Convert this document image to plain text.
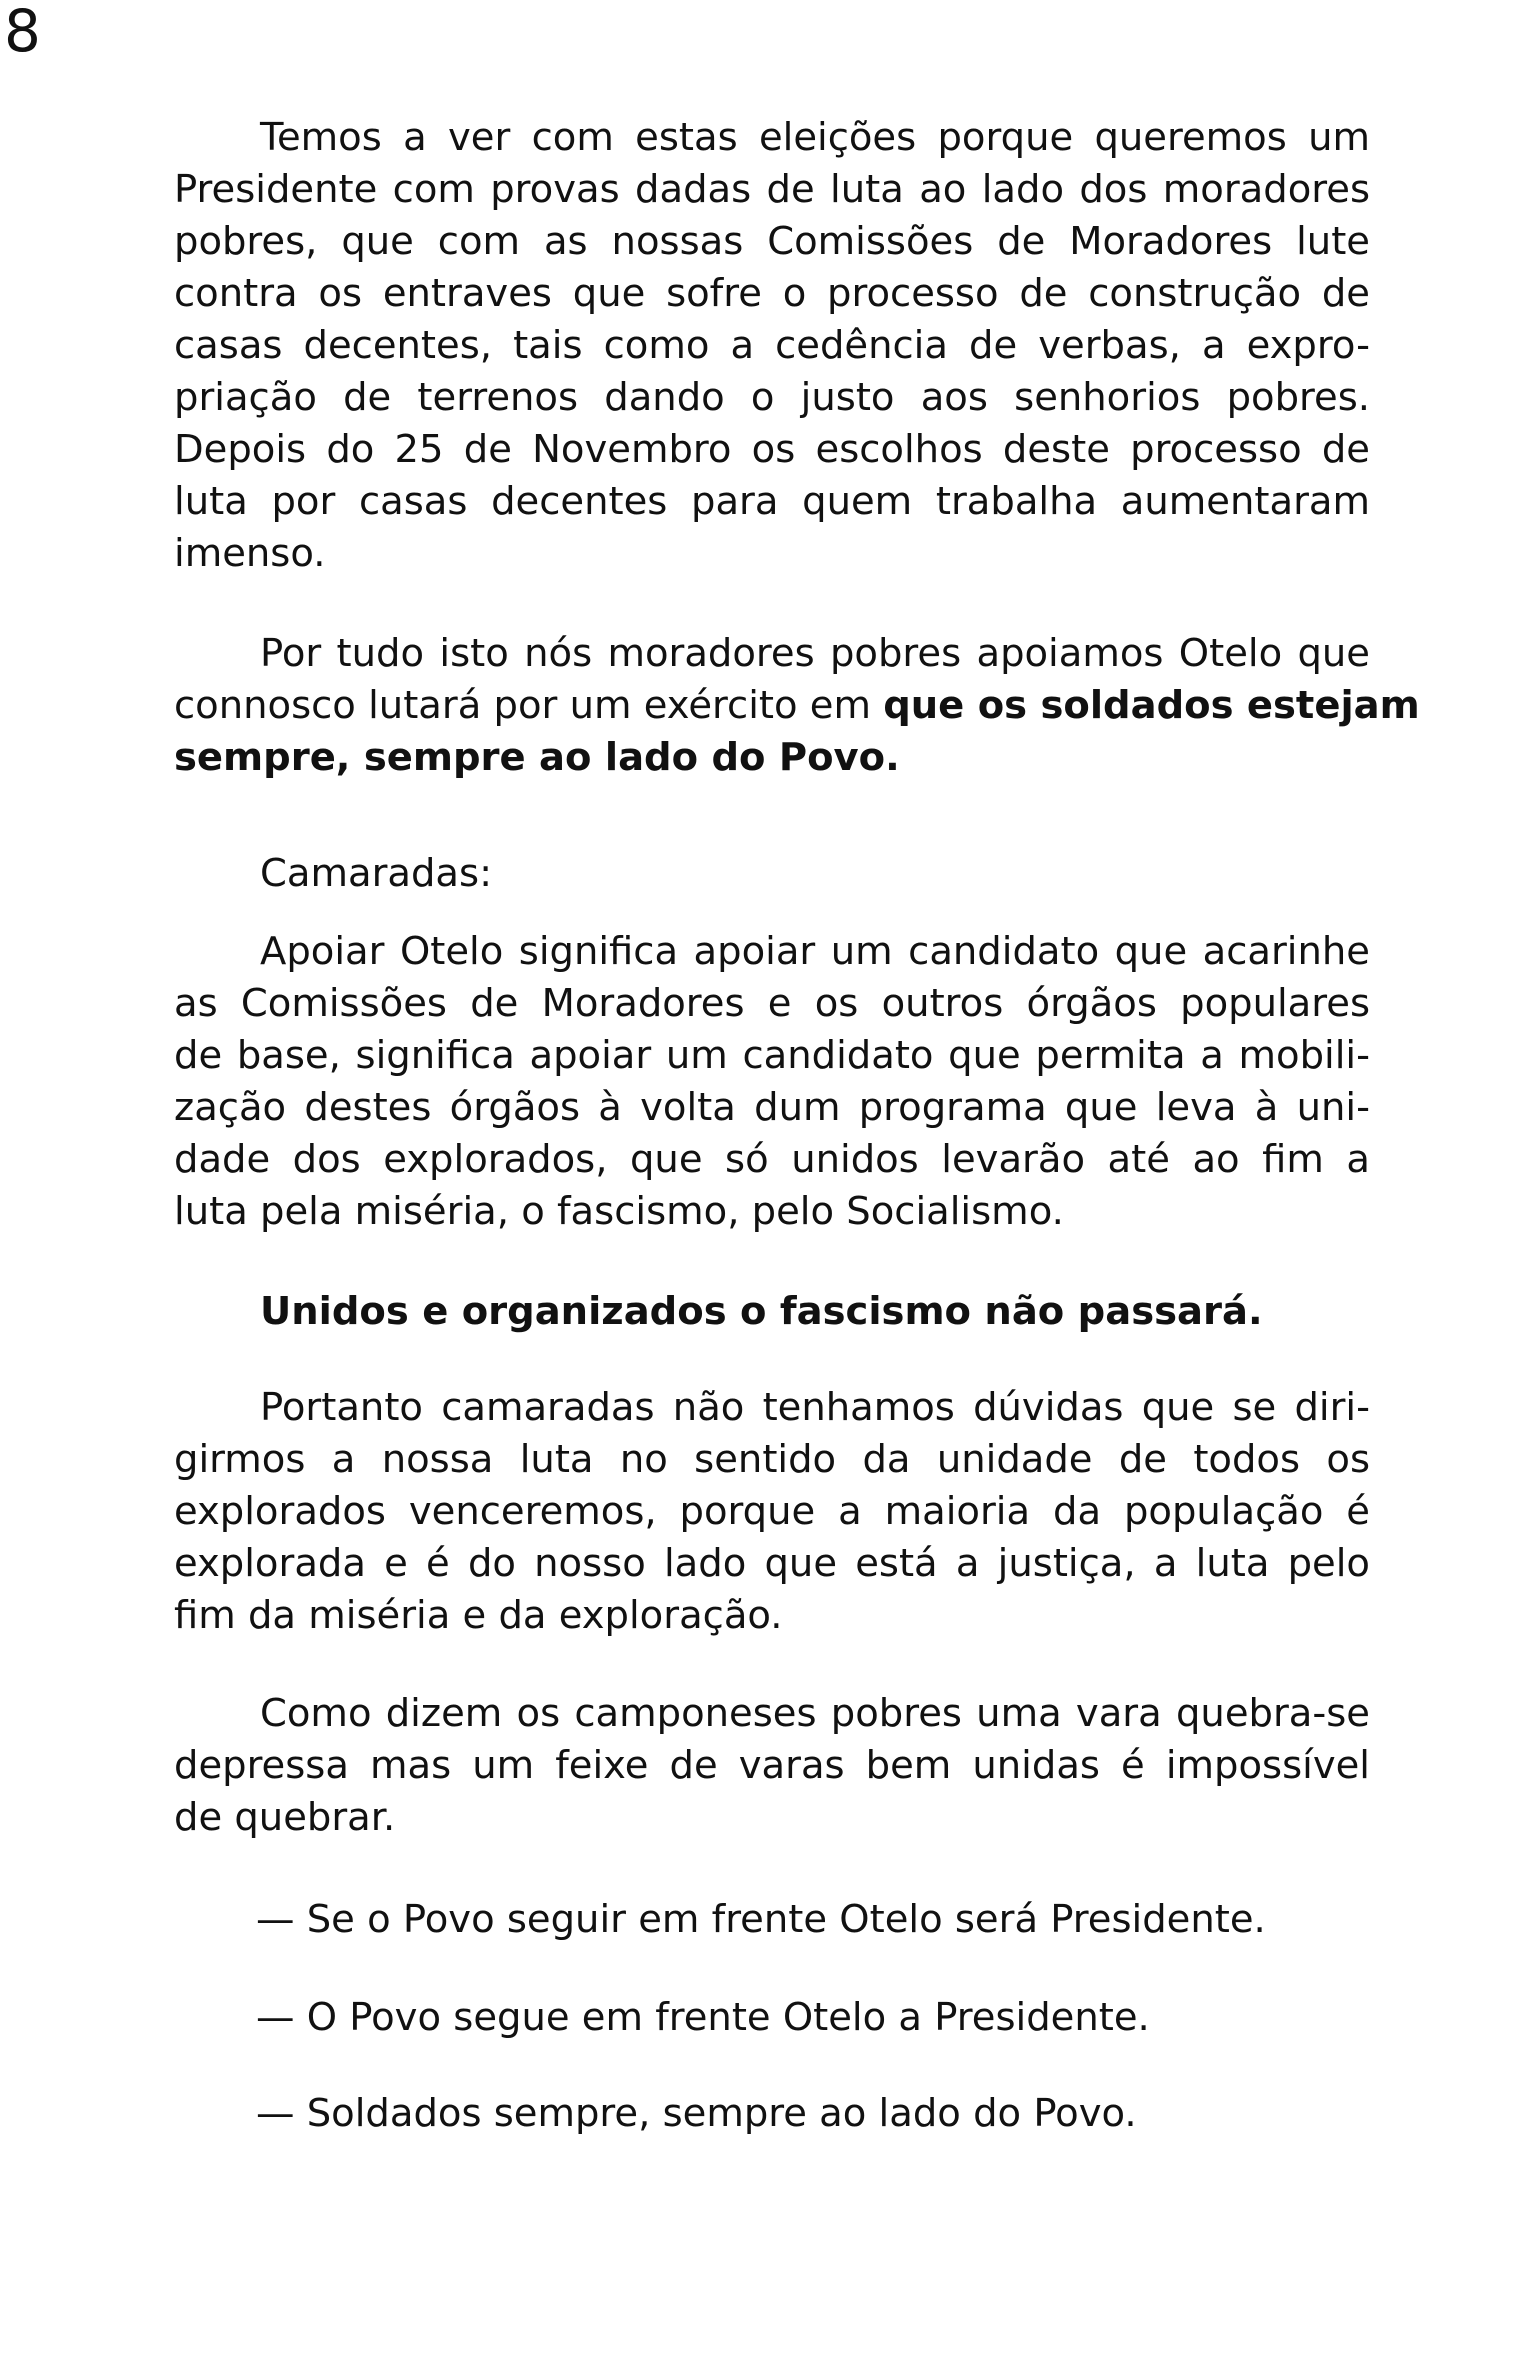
8
Temos a ver com estas eleições porque queremos um
Presidente com provas dadas de luta ao lado dos moradores
pobres, que com as nossas Comissões de Moradores lute
contra os entraves que sofre o processo de construção de
casas decentes, tais como a cedência de verbas, a expro-
priação de terrenos dando o justo aos senhorios pobres.
Depois do 25 de Novembro os escolhos deste processo de
luta por casas decentes para quem trabalha aumentaram
imenso.
Por tudo isto nós moradores pobres apoiamos Otelo que
connosco lutará por um exército em que os soldados estejam
sempre, sempre ao lado do Povo.
Camaradas:
Apoiar Otelo significa apoiar um candidato que acarinhe
as Comissões de Moradores e os outros órgãos populares
de base, significa apoiar um candidato que permita a mobili-
zação destes órgãos à volta dum programa que leva à uni-
dade dos explorados, que só unidos levarão até ao fim a
luta pela miséria, o fascismo, pelo Socialismo.
Unidos e organizados o fascismo não passará.
Portanto camaradas não tenhamos dúvidas que se diri-
girmos a nossa luta no sentido da unidade de todos os
explorados venceremos, porque a maioria da população é
explorada e é do nosso lado que está a justiça, a luta pelo
fim da miséria e da exploração.
Como dizem os camponeses pobres uma vara quebra-se
depressa mas um feixe de varas bem unidas é impossível
de quebrar.
— Se o Povo seguir em frente Otelo será Presidente.
— O Povo segue em frente Otelo a Presidente.
— Soldados sempre, sempre ao lado do Povo.
